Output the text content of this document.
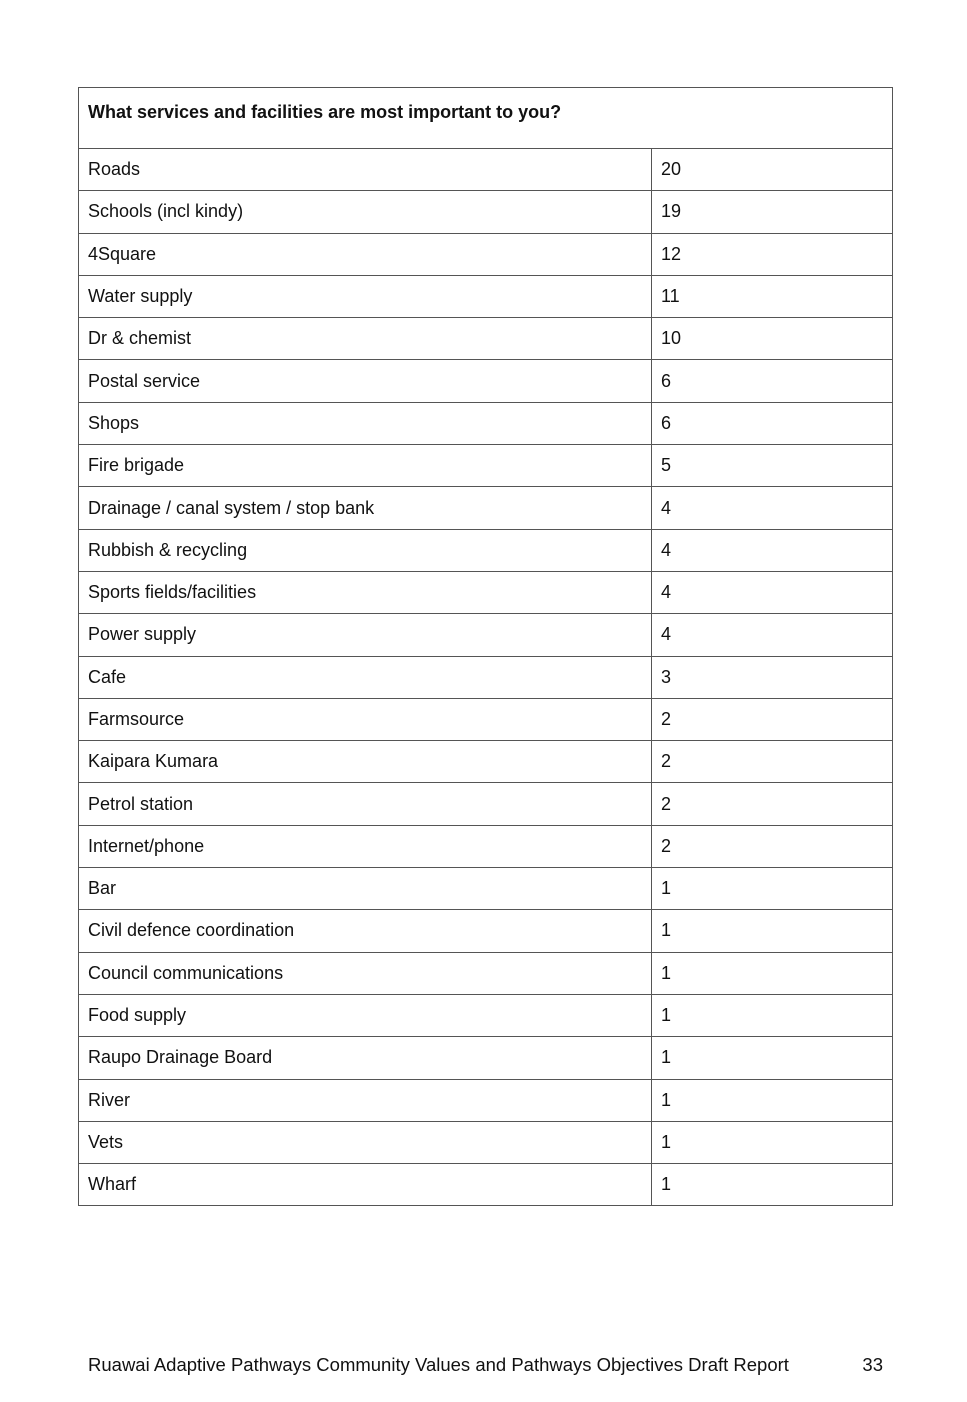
What services and facilities are most important to you?	
Roads	20
Schools (incl kindy)	19
4Square	12
Water supply	11
Dr & chemist	10
Postal service	6
Shops	6
Fire brigade	5
Drainage / canal system / stop bank	4
Rubbish & recycling	4
Sports fields/facilities	4
Power supply	4
Cafe	3
Farmsource	2
Kaipara Kumara	2
Petrol station	2
Internet/phone	2
Bar	1
Civil defence coordination	1
Council communications	1
Food supply	1
Raupo Drainage Board	1
River	1
Vets	1
Wharf	1
Ruawai Adaptive Pathways Community Values and Pathways Objectives Draft Report	33
